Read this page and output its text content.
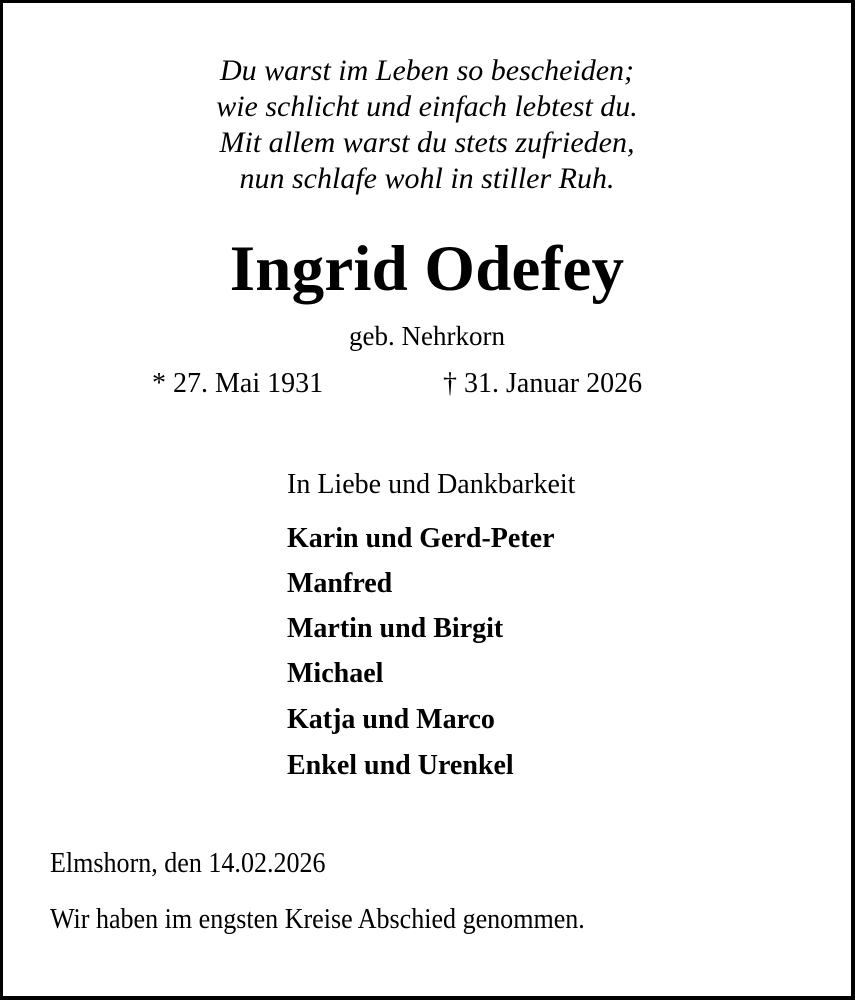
Du warst im Leben so bescheiden;
wie schlicht und einfach lebtest du.
Mit allem warst du stets zufrieden,
nun schlafe wohl in stiller Ruh.
Ingrid Odefey
geb. Nehrkorn
* 27. Mai 1931	† 31. Januar 2026
In Liebe und Dankbarkeit
Karin und Gerd-Peter
Manfred
Martin und Birgit
Michael
Katja und Marco
Enkel und Urenkel
Elmshorn, den 14.02.2026
Wir haben im engsten Kreise Abschied genommen.
